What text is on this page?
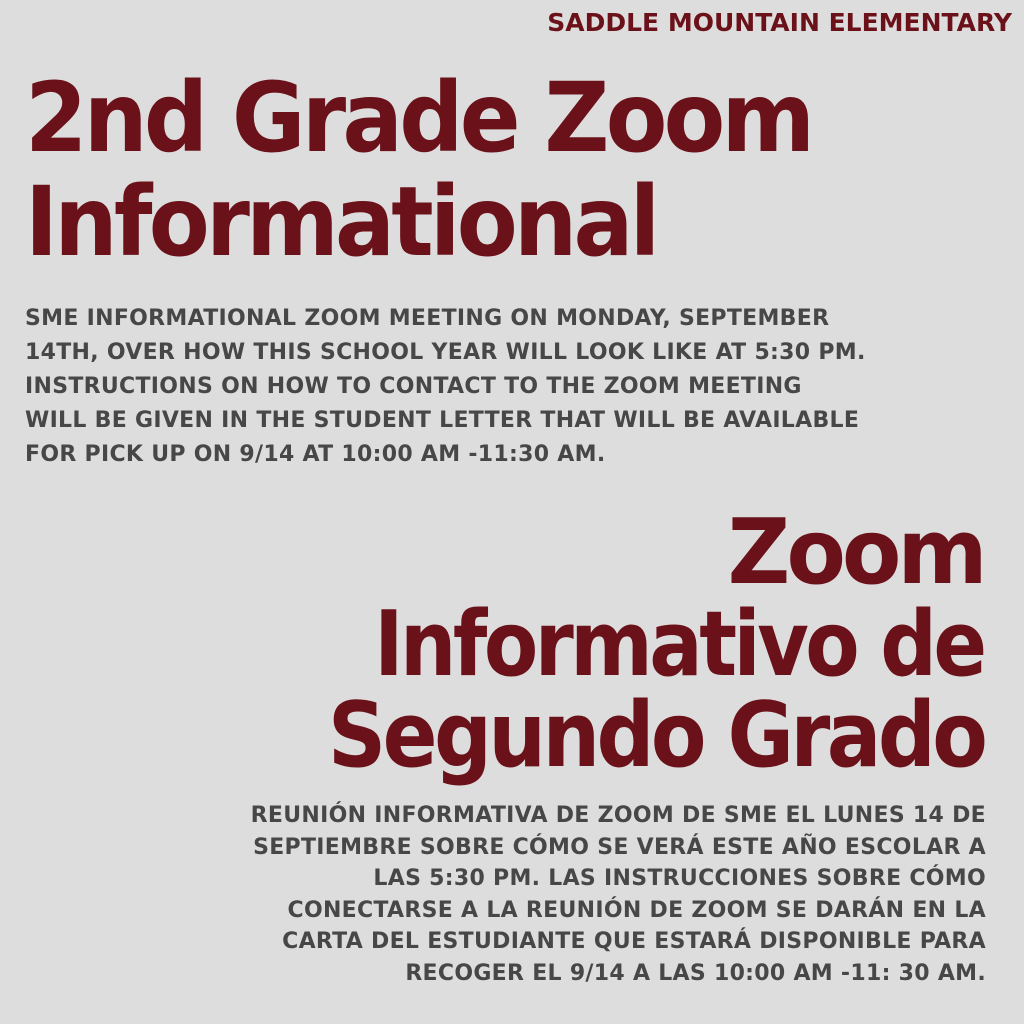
SADDLE MOUNTAIN ELEMENTARY
2nd Grade Zoom
Informational

SME INFORMATIONAL ZOOM MEETING ON MONDAY, SEPTEMBER
14TH, OVER HOW THIS SCHOOL YEAR WILL LOOK LIKE AT 5:30 PM.
INSTRUCTIONS ON HOW TO CONTACT TO THE ZOOM MEETING
WILL BE GIVEN IN THE STUDENT LETTER THAT WILL BE AVAILABLE
FOR PICK UP ON 9/14 AT 10:00 AM -11:30 AM.

Zoom
Informativo de
Segundo Grado

REUNIÓN INFORMATIVA DE ZOOM DE SME EL LUNES 14 DE
SEPTIEMBRE SOBRE CÓMO SE VERÁ ESTE AÑO ESCOLAR A
LAS 5:30 PM. LAS INSTRUCCIONES SOBRE CÓMO
CONECTARSE A LA REUNIÓN DE ZOOM SE DARÁN EN LA
CARTA DEL ESTUDIANTE QUE ESTARÁ DISPONIBLE PARA
RECOGER EL 9/14 A LAS 10:00 AM -11: 30 AM.
